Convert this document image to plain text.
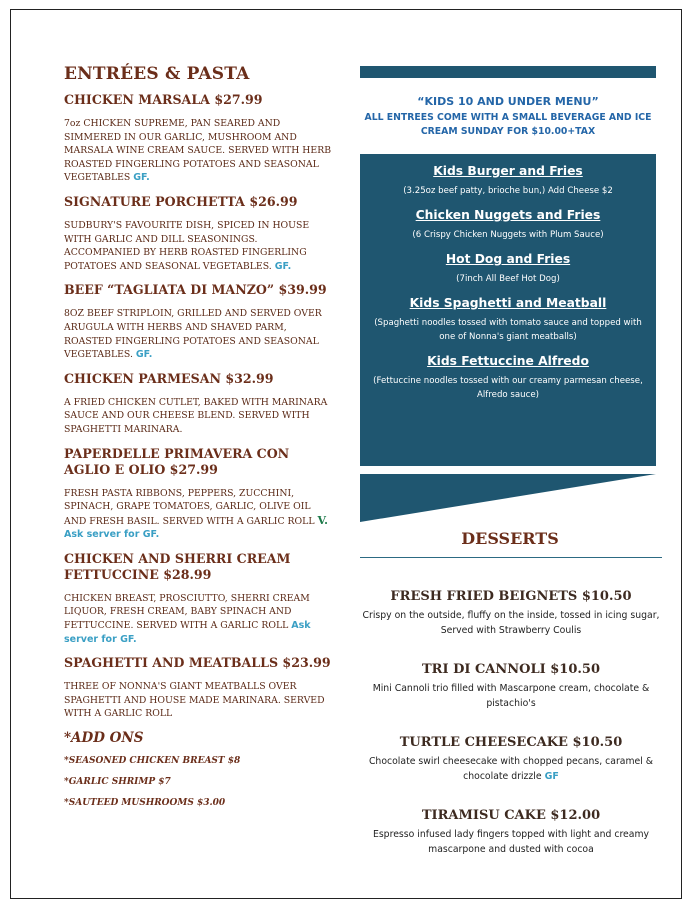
ENTRÉES & PASTA
CHICKEN MARSALA $27.99
7oz CHICKEN SUPREME, PAN SEARED AND SIMMERED IN OUR GARLIC, MUSHROOM AND MARSALA WINE CREAM SAUCE. SERVED WITH HERB ROASTED FINGERLING POTATOES AND SEASONAL VEGETABLES GF.
SIGNATURE PORCHETTA $26.99
SUDBURY'S FAVOURITE DISH, SPICED IN HOUSE WITH GARLIC AND DILL SEASONINGS. ACCOMPANIED BY HERB ROASTED FINGERLING POTATOES AND SEASONAL VEGETABLES. GF.
BEEF “TAGLIATA DI MANZO” $39.99
8OZ BEEF STRIPLOIN, GRILLED AND SERVED OVER ARUGULA WITH HERBS AND SHAVED PARM, ROASTED FINGERLING POTATOES AND SEASONAL VEGETABLES. GF.
CHICKEN PARMESAN $32.99
A FRIED CHICKEN CUTLET, BAKED WITH MARINARA SAUCE AND OUR CHEESE BLEND. SERVED WITH SPAGHETTI MARINARA.
PAPERDELLE PRIMAVERA CON AGLIO E OLIO $27.99
FRESH PASTA RIBBONS, PEPPERS, ZUCCHINI, SPINACH, GRAPE TOMATOES, GARLIC, OLIVE OIL AND FRESH BASIL. SERVED WITH A GARLIC ROLL V. Ask server for GF.
CHICKEN AND SHERRI CREAM FETTUCCINE $28.99
CHICKEN BREAST, PROSCIUTTO, SHERRI CREAM LIQUOR, FRESH CREAM, BABY SPINACH AND FETTUCCINE. SERVED WITH A GARLIC ROLL Ask server for GF.
SPAGHETTI AND MEATBALLS $23.99
THREE OF NONNA'S GIANT MEATBALLS OVER SPAGHETTI AND HOUSE MADE MARINARA. SERVED WITH A GARLIC ROLL
*ADD ONS
*SEASONED CHICKEN BREAST $8
*GARLIC SHRIMP $7
*SAUTEED MUSHROOMS $3.00
“KIDS 10 AND UNDER MENU”
ALL ENTREES COME WITH A SMALL BEVERAGE AND ICE CREAM SUNDAY FOR $10.00+TAX
Kids Burger and Fries
(3.25oz beef patty, brioche bun,) Add Cheese $2
Chicken Nuggets and Fries
(6 Crispy Chicken Nuggets with Plum Sauce)
Hot Dog and Fries
(7inch All Beef Hot Dog)
Kids Spaghetti and Meatball
(Spaghetti noodles tossed with tomato sauce and topped with one of Nonna's giant meatballs)
Kids Fettuccine Alfredo
(Fettuccine noodles tossed with our creamy parmesan cheese, Alfredo sauce)
DESSERTS
FRESH FRIED BEIGNETS $10.50
Crispy on the outside, fluffy on the inside, tossed in icing sugar, Served with Strawberry Coulis
TRI DI CANNOLI $10.50
Mini Cannoli trio filled with Mascarpone cream, chocolate & pistachio's
TURTLE CHEESECAKE $10.50
Chocolate swirl cheesecake with chopped pecans, caramel & chocolate drizzle GF
TIRAMISU CAKE $12.00
Espresso infused lady fingers topped with light and creamy mascarpone and dusted with cocoa
